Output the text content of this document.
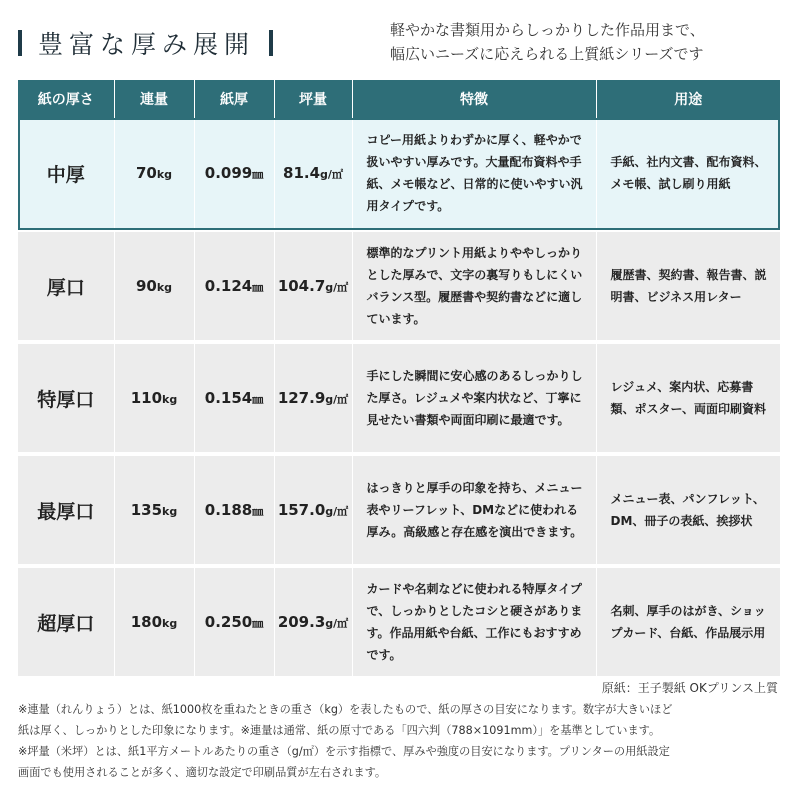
豊富な厚み展開	軽やかな書類用からしっかりした作品用まで、
幅広いニーズに応えられる上質紙シリーズです
紙の厚さ	連量	紙厚	坪量	特徴	用途
中厚	70kg	0.099㎜	81.4g/㎡	コピー用紙よりわずかに厚く、軽やかで扱いやすい厚みです。大量配布資料や手紙、メモ帳など、日常的に使いやすい汎用タイプです。	手紙、社内文書、配布資料、メモ帳、試し刷り用紙
厚口	90kg	0.124㎜	104.7g/㎡	標準的なプリント用紙よりややしっかりとした厚みで、文字の裏写りもしにくいバランス型。履歴書や契約書などに適しています。	履歴書、契約書、報告書、説明書、ビジネス用レター
特厚口	110kg	0.154㎜	127.9g/㎡	手にした瞬間に安心感のあるしっかりした厚さ。レジュメや案内状など、丁寧に見せたい書類や両面印刷に最適です。	レジュメ、案内状、応募書類、ポスター、両面印刷資料
最厚口	135kg	0.188㎜	157.0g/㎡	はっきりと厚手の印象を持ち、メニュー表やリーフレット、DMなどに使われる厚み。高級感と存在感を演出できます。	メニュー表、パンフレット、DM、冊子の表紙、挨拶状
超厚口	180kg	0.250㎜	209.3g/㎡	カードや名刺などに使われる特厚タイプで、しっかりとしたコシと硬さがあります。作品用紙や台紙、工作にもおすすめです。	名刺、厚手のはがき、ショップカード、台紙、作品展示用
原紙：王子製紙 OKプリンス上質

※連量（れんりょう）とは、紙1000枚を重ねたときの重さ（kg）を表したもので、紙の厚さの目安になります。数字が大きいほど

紙は厚く、しっかりとした印象になります。※連量は通常、紙の原寸である「四六判（788×1091mm）」を基準としています。

※坪量（米坪）とは、紙1平方メートルあたりの重さ（g/㎡）を示す指標で、厚みや強度の目安になります。プリンターの用紙設定

画面でも使用されることが多く、適切な設定で印刷品質が左右されます。
